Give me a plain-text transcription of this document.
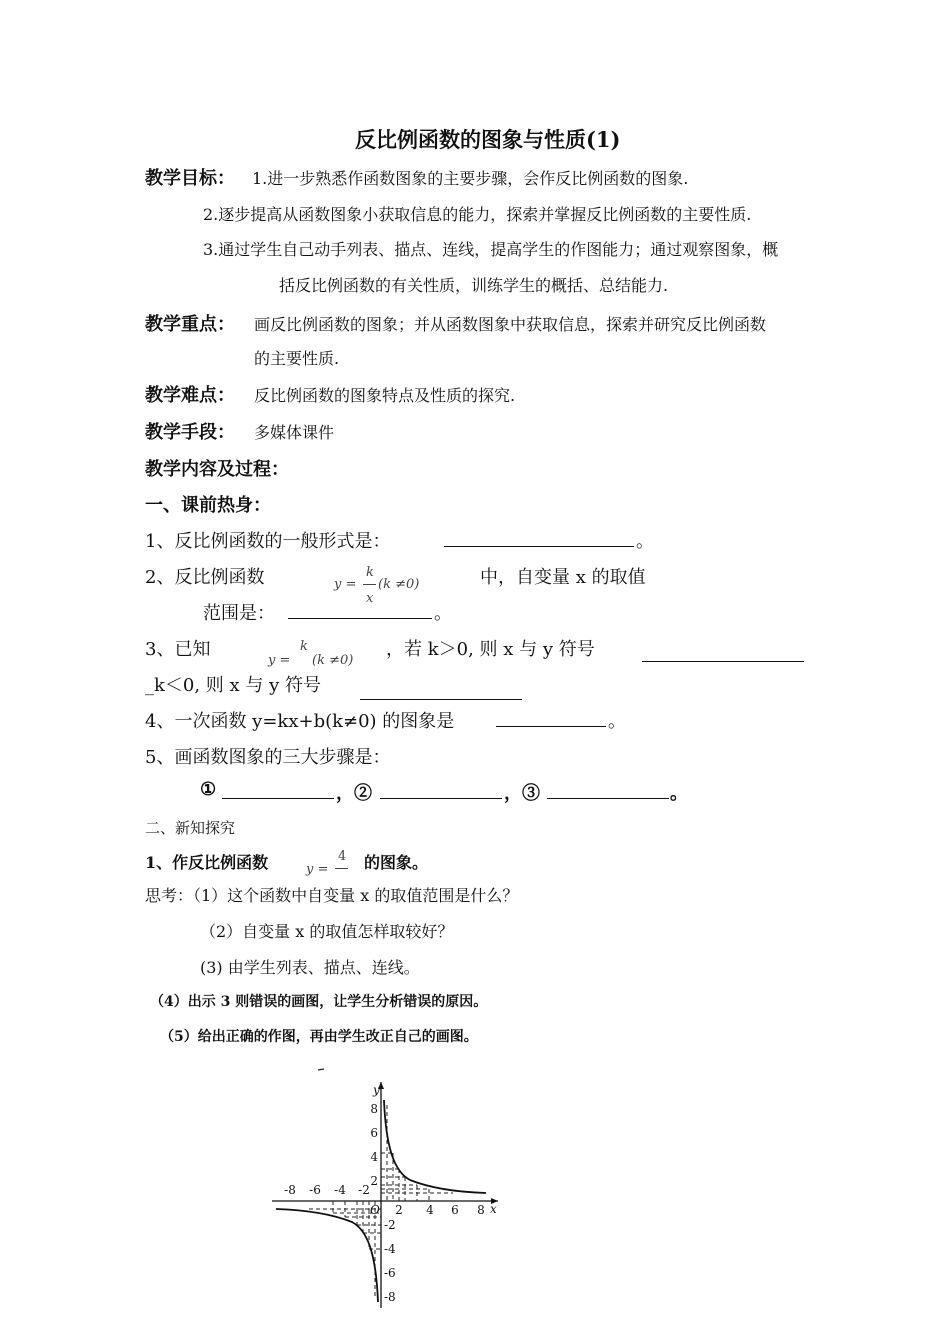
反比例函数的图象与性质(1)
教学目标： 1.进一步熟悉作函数图象的主要步骤，会作反比例函数的图象.
2.逐步提高从函数图象小获取信息的能力，探索并掌握反比例函数的主要性质.
3.通过学生自己动手列表、描点、连线，提高学生的作图能力；通过观察图象，概
括反比例函数的有关性质，训练学生的概括、总结能力.
教学重点： 画反比例函数的图象；并从函数图象中获取信息，探索并研究反比例函数
的主要性质.
教学难点： 反比例函数的图象特点及性质的探究.
教学手段： 多媒体课件
教学内容及过程：
一、课前热身：
1、反比例函数的一般形式是：	。
2、反比例函数	y =
k
x
(k ≠0)	中，自变量 x 的取值
范围是：	。
3、已知	k
y = (k ≠0)
，若 k＞0, 则 x 与 y 符号
_k＜0, 则 x 与 y 符号
4、一次函数 y=kx+b(k≠0) 的图象是	。
5、画函数图象的三大步骤是：
①	，②	，③	。
二、新知探究
1、作反比例函数	y =
4 的图象。
思考：（1）这个函数中自变量 x 的取值范围是什么？
（2）自变量 x 的取值怎样取较好？
(3) 由学生列表、描点、连线。
（4）出示 3 则错误的画图，让学生分析错误的原因。
（5）给出正确的作图，再由学生改正自己的画图。
y
x
O 2 4 6 8
-8 -6 -4 -2
8
6
4
2
-2
-4
-6
-8
